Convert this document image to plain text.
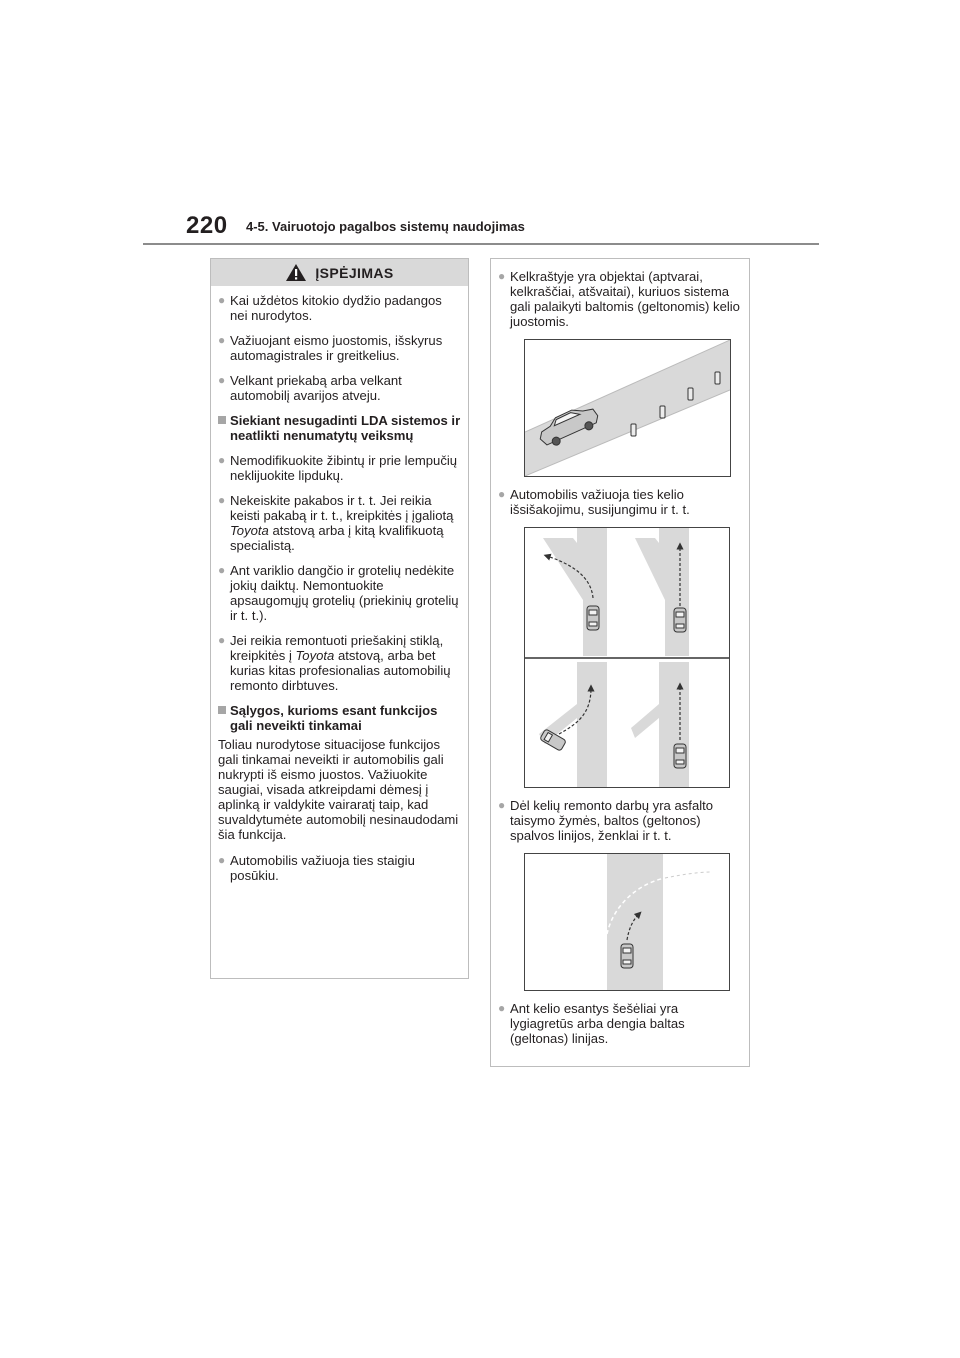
220 4-5. Vairuotojo pagalbos sistemų naudojimas
ĮSPĖJIMAS
● Kai uždėtos kitokio dydžio padangos nei nurodytos.
● Važiuojant eismo juostomis, išskyrus automagistrales ir greitkelius.
● Velkant priekabą arba velkant automobilį avarijos atveju.
Siekiant nesugadinti LDA sistemos ir neatlikti nenumatytų veiksmų
● Nemodifikuokite žibintų ir prie lempučių neklijuokite lipdukų.
● Nekeiskite pakabos ir t. t. Jei reikia keisti pakabą ir t. t., kreipkitės į įgaliotą Toyota atstovą arba į kitą kvalifikuotą specialistą.
● Ant variklio dangčio ir grotelių nedėkite jokių daiktų. Nemontuokite apsaugomųjų grotelių (priekinių grotelių ir t. t.).
● Jei reikia remontuoti priešakinį stiklą, kreipkitės į Toyota atstovą, arba bet kurias kitas profesionalias automobilių remonto dirbtuves.
Sąlygos, kurioms esant funkcijos gali neveikti tinkamai
Toliau nurodytose situacijose funkcijos gali tinkamai neveikti ir automobilis gali nukrypti iš eismo juostos. Važiuokite saugiai, visada atkreipdami dėmesį į aplinką ir valdykite vairaratį taip, kad suvaldytumėte automobilį nesinaudodami šia funkcija.
● Automobilis važiuoja ties staigiu posūkiu.
● Kelkraštyje yra objektai (aptvarai, kelkraščiai, atšvaitai), kuriuos sistema gali palaikyti baltomis (geltonomis) kelio juostomis.
● Automobilis važiuoja ties kelio išsišakojimu, susijungimu ir t. t.
● Dėl kelių remonto darbų yra asfalto taisymo žymės, baltos (geltonos) spalvos linijos, ženklai ir t. t.
● Ant kelio esantys šešėliai yra lygiagretūs arba dengia baltas (geltonas) linijas.
